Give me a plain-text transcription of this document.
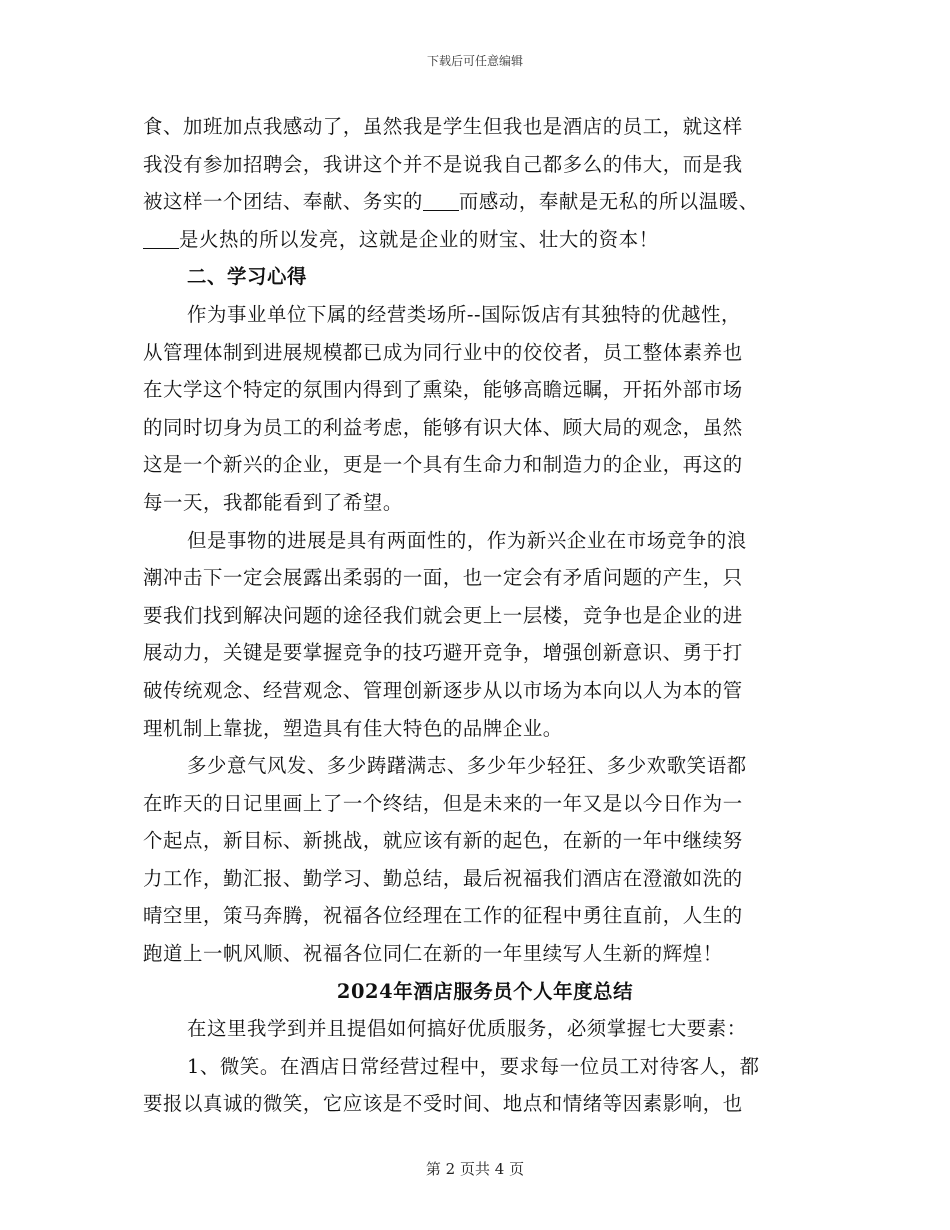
下载后可任意编辑
食、加班加点我感动了，虽然我是学生但我也是酒店的员工，就这样
我没有参加招聘会，我讲这个并不是说我自己都多么的伟大，而是我
被这样一个团结、奉献、务实的 而感动，奉献是无私的所以温暖、
是火热的所以发亮，这就是企业的财宝、壮大的资本！
二、学习心得
作为事业单位下属的经营类场所--国际饭店有其独特的优越性，
从管理体制到进展规模都已成为同行业中的佼佼者，员工整体素养也
在大学这个特定的氛围内得到了熏染，能够高瞻远瞩，开拓外部市场
的同时切身为员工的利益考虑，能够有识大体、顾大局的观念，虽然
这是一个新兴的企业，更是一个具有生命力和制造力的企业，再这的
每一天，我都能看到了希望。
但是事物的进展是具有两面性的，作为新兴企业在市场竞争的浪
潮冲击下一定会展露出柔弱的一面，也一定会有矛盾问题的产生，只
要我们找到解决问题的途径我们就会更上一层楼，竞争也是企业的进
展动力，关键是要掌握竞争的技巧避开竞争，增强创新意识、勇于打
破传统观念、经营观念、管理创新逐步从以市场为本向以人为本的管
理机制上靠拢，塑造具有佳大特色的品牌企业。
多少意气风发、多少踌躇满志、多少年少轻狂、多少欢歌笑语都
在昨天的日记里画上了一个终结，但是未来的一年又是以今日作为一
个起点，新目标、新挑战，就应该有新的起色，在新的一年中继续努
力工作，勤汇报、勤学习、勤总结，最后祝福我们酒店在澄澈如洗的
晴空里，策马奔腾，祝福各位经理在工作的征程中勇往直前，人生的
跑道上一帆风顺、祝福各位同仁在新的一年里续写人生新的辉煌！
2024年酒店服务员个人年度总结
在这里我学到并且提倡如何搞好优质服务，必须掌握七大要素：
1、微笑。在酒店日常经营过程中，要求每一位员工对待客人，都
要报以真诚的微笑，它应该是不受时间、地点和情绪等因素影响，也
第 2 页共 4 页
